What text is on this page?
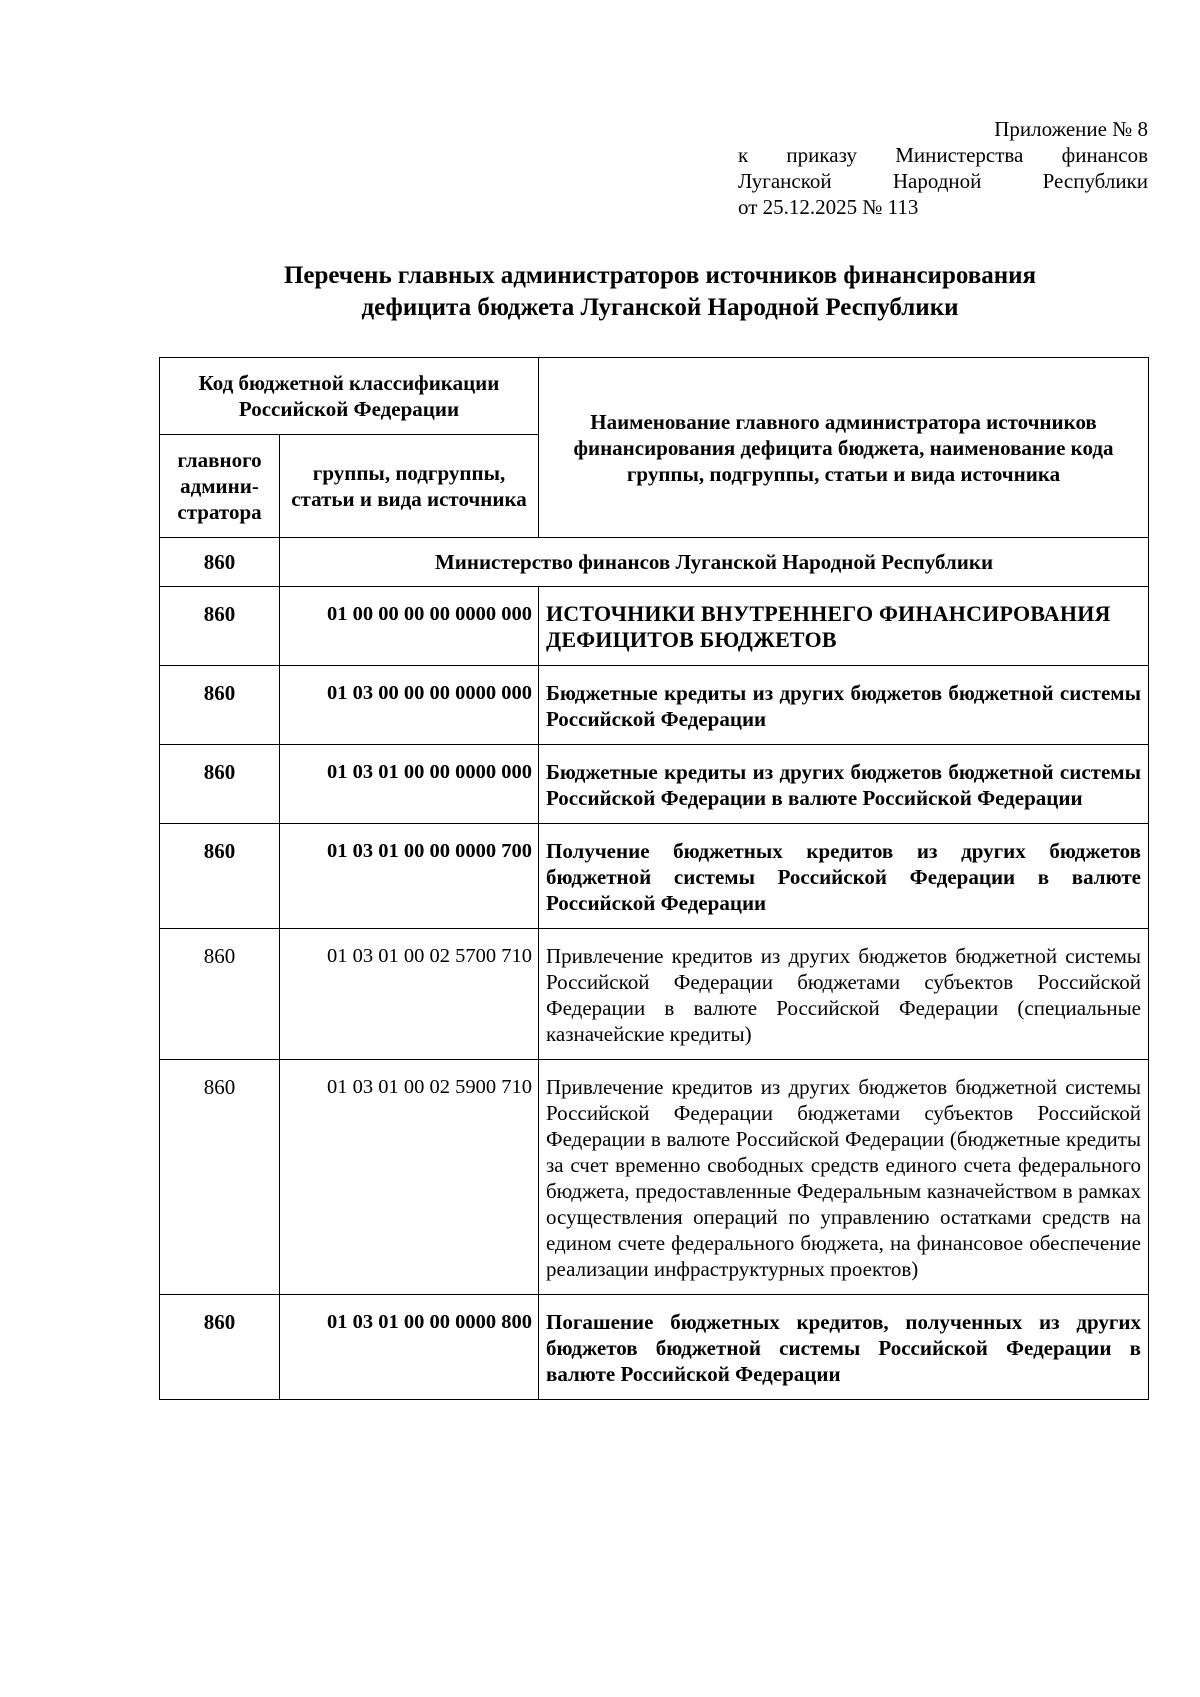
Приложение № 8
к приказу Министерства финансов
Луганской Народной Республики
от 25.12.2025 № 113
Перечень главных администраторов источников финансирования
дефицита бюджета Луганской Народной Республики
Код бюджетной классификации Российской Федерации		Наименование главного администратора источников финансирования дефицита бюджета, наименование кода группы, подгруппы, статьи и вида источника
главного админи-стратора	группы, подгруппы, статьи и вида источника	
860	Министерство финансов Луганской Народной Республики	
860	01 00 00 00 00 0000 000	ИСТОЧНИКИ ВНУТРЕННЕГО ФИНАНСИРОВАНИЯ ДЕФИЦИТОВ БЮДЖЕТОВ
860	01 03 00 00 00 0000 000	Бюджетные кредиты из других бюджетов бюджетной системы Российской Федерации
860	01 03 01 00 00 0000 000	Бюджетные кредиты из других бюджетов бюджетной системы Российской Федерации в валюте Российской Федерации
860	01 03 01 00 00 0000 700	Получение бюджетных кредитов из других бюджетов бюджетной системы Российской Федерации в валюте Российской Федерации
860	01 03 01 00 02 5700 710	Привлечение кредитов из других бюджетов бюджетной системы Российской Федерации бюджетами субъектов Российской Федерации в валюте Российской Федерации (специальные казначейские кредиты)
860	01 03 01 00 02 5900 710	Привлечение кредитов из других бюджетов бюджетной системы Российской Федерации бюджетами субъектов Российской Федерации в валюте Российской Федерации (бюджетные кредиты за счет временно свободных средств единого счета федерального бюджета, предоставленные Федеральным казначейством в рамках осуществления операций по управлению остатками средств на едином счете федерального бюджета, на финансовое обеспечение реализации инфраструктурных проектов)
860	01 03 01 00 00 0000 800	Погашение бюджетных кредитов, полученных из других бюджетов бюджетной системы Российской Федерации в валюте Российской Федерации
